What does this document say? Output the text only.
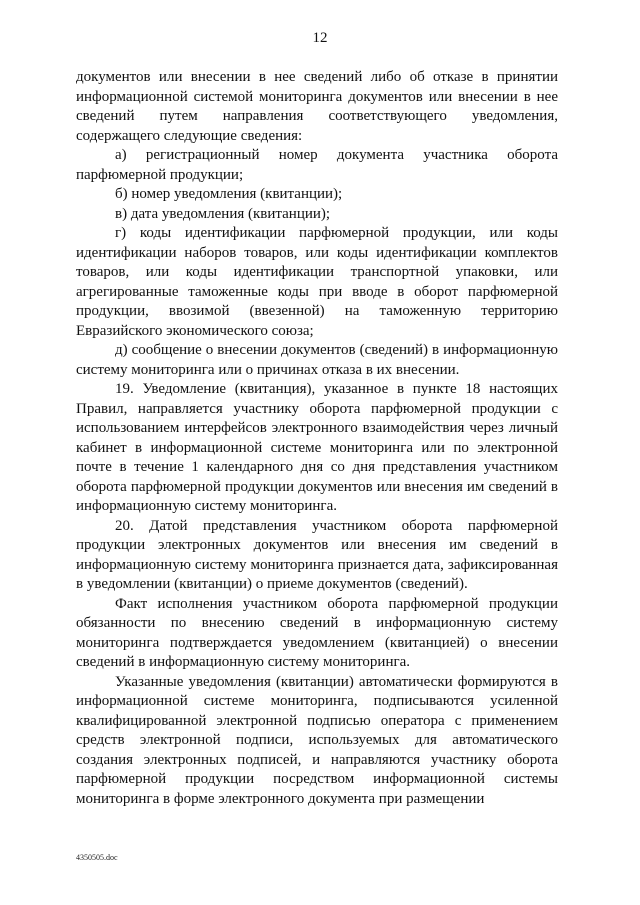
12

документов или внесении в нее сведений либо об отказе в принятии информационной системой мониторинга документов или внесении в нее сведений путем направления соответствующего уведомления, содержащего следующие сведения:

а) регистрационный номер документа участника оборота парфюмерной продукции;

б) номер уведомления (квитанции);

в) дата уведомления (квитанции);

г) коды идентификации парфюмерной продукции, или коды идентификации наборов товаров, или коды идентификации комплектов товаров, или коды идентификации транспортной упаковки, или агрегированные таможенные коды при вводе в оборот парфюмерной продукции, ввозимой (ввезенной) на таможенную территорию Евразийского экономического союза;

д) сообщение о внесении документов (сведений) в информационную систему мониторинга или о причинах отказа в их внесении.

19. Уведомление (квитанция), указанное в пункте 18 настоящих Правил, направляется участнику оборота парфюмерной продукции с использованием интерфейсов электронного взаимодействия через личный кабинет в информационной системе мониторинга или по электронной почте в течение 1 календарного дня со дня представления участником оборота парфюмерной продукции документов или внесения им сведений в информационную систему мониторинга.

20. Датой представления участником оборота парфюмерной продукции электронных документов или внесения им сведений в информационную систему мониторинга признается дата, зафиксированная в уведомлении (квитанции) о приеме документов (сведений).

Факт исполнения участником оборота парфюмерной продукции обязанности по внесению сведений в информационную систему мониторинга подтверждается уведомлением (квитанцией) о внесении сведений в информационную систему мониторинга.

Указанные уведомления (квитанции) автоматически формируются в информационной системе мониторинга, подписываются усиленной квалифицированной электронной подписью оператора с применением средств электронной подписи, используемых для автоматического создания электронных подписей, и направляются участнику оборота парфюмерной продукции посредством информационной системы мониторинга в форме электронного документа при размещении

4350505.doc
